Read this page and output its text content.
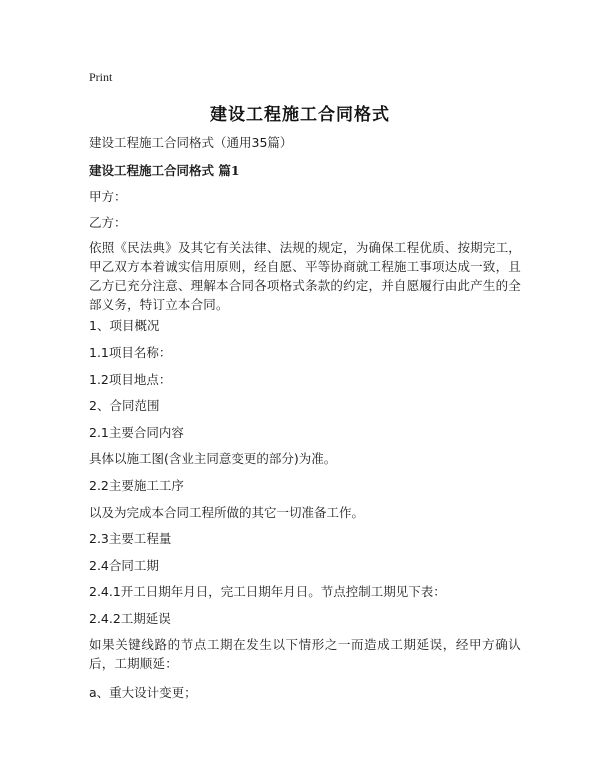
Print
建设工程施工合同格式
建设工程施工合同格式（通用35篇）
建设工程施工合同格式 篇1
甲方：
乙方：
依照《民法典》及其它有关法律、法规的规定，为确保工程优质、按期完工，甲乙双方本着诚实信用原则，经自愿、平等协商就工程施工事项达成一致，且乙方已充分注意、理解本合同各项格式条款的约定，并自愿履行由此产生的全部义务，特订立本合同。
1、项目概况
1.1项目名称：
1.2项目地点：
2、合同范围
2.1主要合同内容
具体以施工图(含业主同意变更的部分)为准。
2.2主要施工工序
以及为完成本合同工程所做的其它一切准备工作。
2.3主要工程量
2.4合同工期
2.4.1开工日期年月日，完工日期年月日。节点控制工期见下表：
2.4.2工期延误
如果关键线路的节点工期在发生以下情形之一而造成工期延误，经甲方确认后，工期顺延：
a、重大设计变更；
